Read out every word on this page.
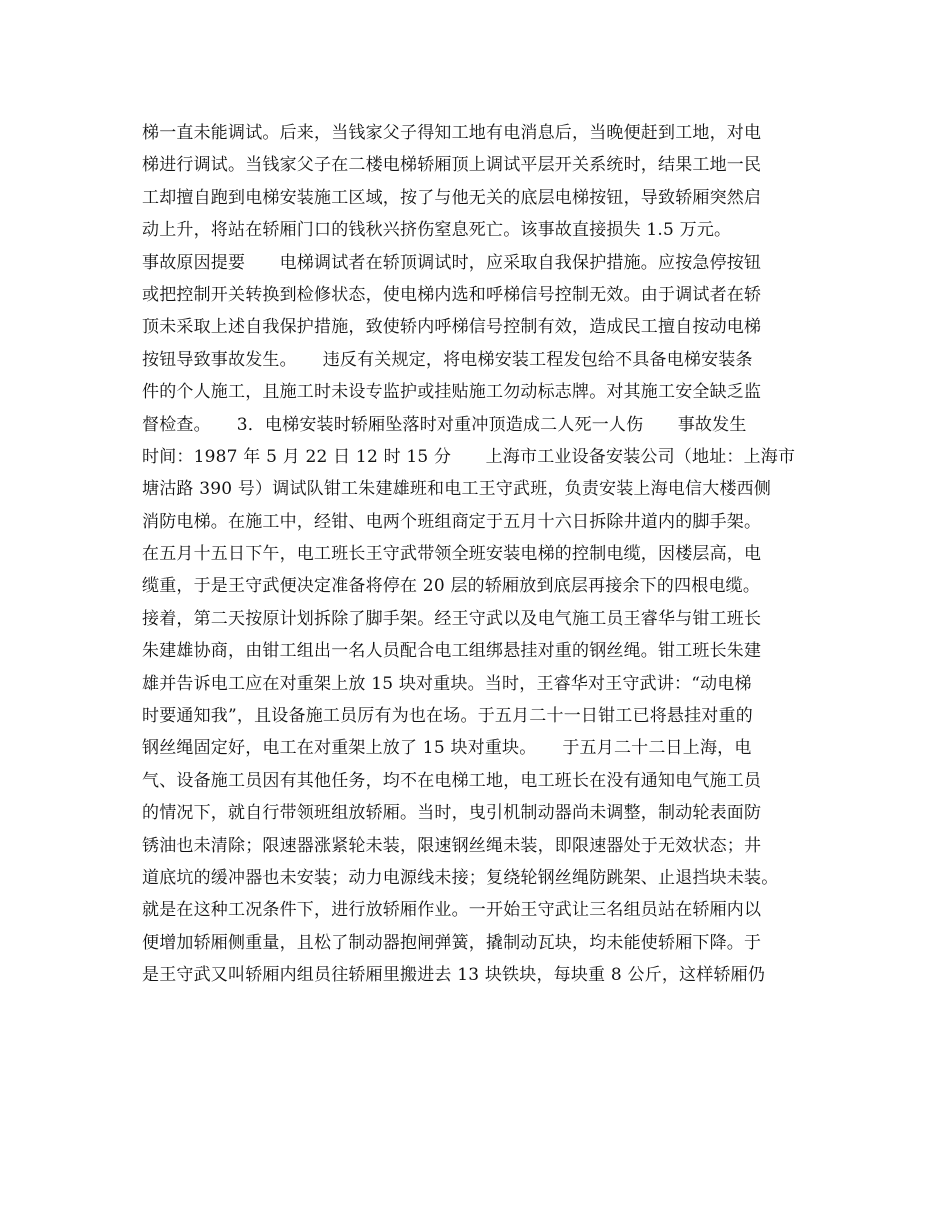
梯一直未能调试。后来，当钱家父子得知工地有电消息后，当晚便赶到工地，对电
梯进行调试。当钱家父子在二楼电梯轿厢顶上调试平层开关系统时，结果工地一民
工却擅自跑到电梯安装施工区域，按了与他无关的底层电梯按钮，导致轿厢突然启
动上升，将站在轿厢门口的钱秋兴挤伤窒息死亡。该事故直接损失 1.5 万元。
事故原因提要　　电梯调试者在轿顶调试时，应采取自我保护措施。应按急停按钮
或把控制开关转换到检修状态，使电梯内选和呼梯信号控制无效。由于调试者在轿
顶未采取上述自我保护措施，致使轿内呼梯信号控制有效，造成民工擅自按动电梯
按钮导致事故发生。　　违反有关规定，将电梯安装工程发包给不具备电梯安装条
件的个人施工，且施工时未设专监护或挂贴施工勿动标志牌。对其施工安全缺乏监
督检查。　　3．电梯安装时轿厢坠落时对重冲顶造成二人死一人伤　　事故发生
时间：1987 年 5 月 22 日 12 时 15 分　　上海市工业设备安装公司（地址：上海市
塘沽路 390 号）调试队钳工朱建雄班和电工王守武班，负责安装上海电信大楼西侧
消防电梯。在施工中，经钳、电两个班组商定于五月十六日拆除井道内的脚手架。
在五月十五日下午，电工班长王守武带领全班安装电梯的控制电缆，因楼层高，电
缆重，于是王守武便决定准备将停在 20 层的轿厢放到底层再接余下的四根电缆。
接着，第二天按原计划拆除了脚手架。经王守武以及电气施工员王睿华与钳工班长
朱建雄协商，由钳工组出一名人员配合电工组绑悬挂对重的钢丝绳。钳工班长朱建
雄并告诉电工应在对重架上放 15 块对重块。当时，王睿华对王守武讲：“动电梯
时要通知我”，且设备施工员厉有为也在场。于五月二十一日钳工已将悬挂对重的
钢丝绳固定好，电工在对重架上放了 15 块对重块。　　于五月二十二日上海，电
气、设备施工员因有其他任务，均不在电梯工地，电工班长在没有通知电气施工员
的情况下，就自行带领班组放轿厢。当时，曳引机制动器尚未调整，制动轮表面防
锈油也未清除；限速器涨紧轮未装，限速钢丝绳未装，即限速器处于无效状态；井
道底坑的缓冲器也未安装；动力电源线未接；复绕轮钢丝绳防跳架、止退挡块未装。
就是在这种工况条件下，进行放轿厢作业。一开始王守武让三名组员站在轿厢内以
便增加轿厢侧重量，且松了制动器抱闸弹簧，撬制动瓦块，均未能使轿厢下降。于
是王守武又叫轿厢内组员往轿厢里搬进去 13 块铁块，每块重 8 公斤，这样轿厢仍
